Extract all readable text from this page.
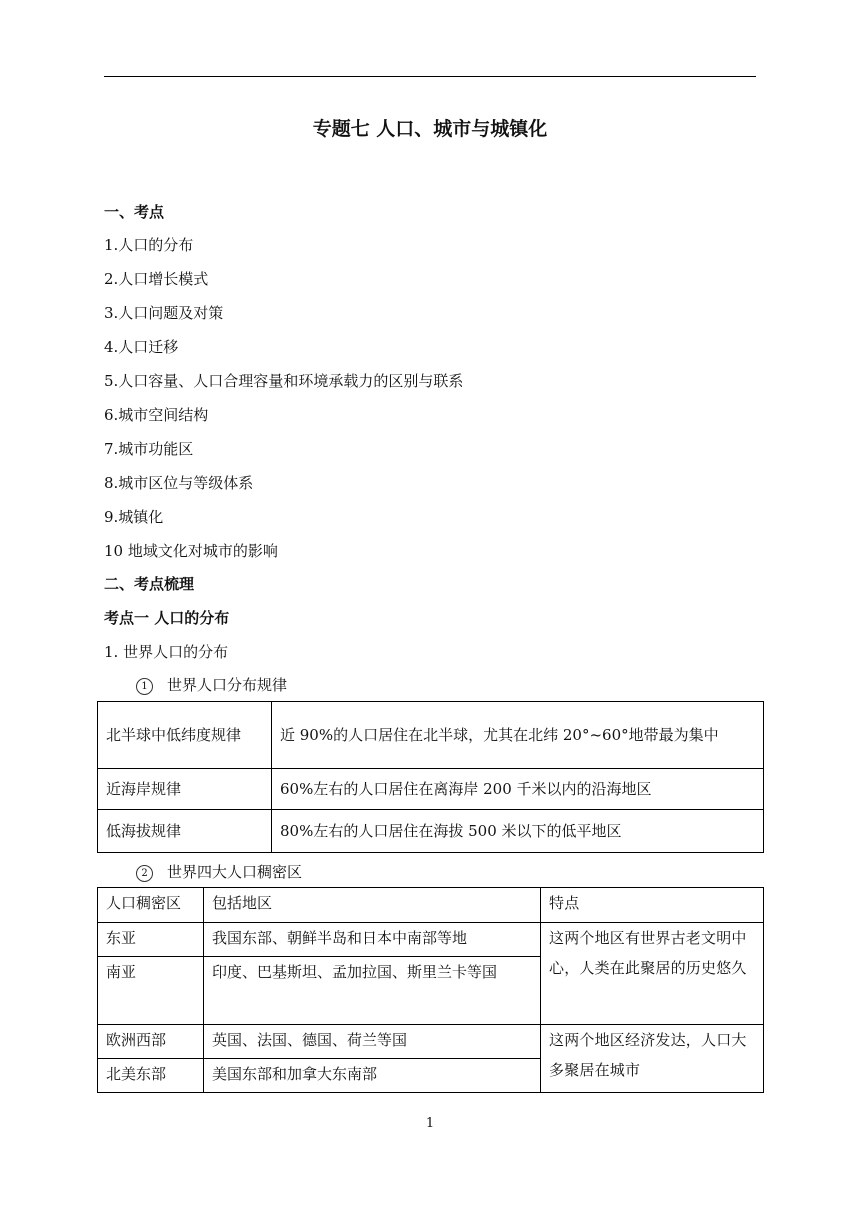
专题七 人口、城市与城镇化
一、考点
1.人口的分布
2.人口增长模式
3.人口问题及对策
4.人口迁移
5.人口容量、人口合理容量和环境承载力的区别与联系
6.城市空间结构
7.城市功能区
8.城市区位与等级体系
9.城镇化
10 地域文化对城市的影响
二、考点梳理
考点一 人口的分布
1. 世界人口的分布
1 世界人口分布规律
北半球中低纬度规律	近 90%的人口居住在北半球，尤其在北纬 20°~60°地带最为集中
近海岸规律	60%左右的人口居住在离海岸 200 千米以内的沿海地区
低海拔规律	80%左右的人口居住在海拔 500 米以下的低平地区
2 世界四大人口稠密区
人口稠密区	包括地区	特点
东亚	我国东部、朝鲜半岛和日本中南部等地	这两个地区有世界古老文明中心，人类在此聚居的历史悠久
南亚	印度、巴基斯坦、孟加拉国、斯里兰卡等国	
欧洲西部	英国、法国、德国、荷兰等国	这两个地区经济发达，人口大多聚居在城市
北美东部	美国东部和加拿大东南部	
1
